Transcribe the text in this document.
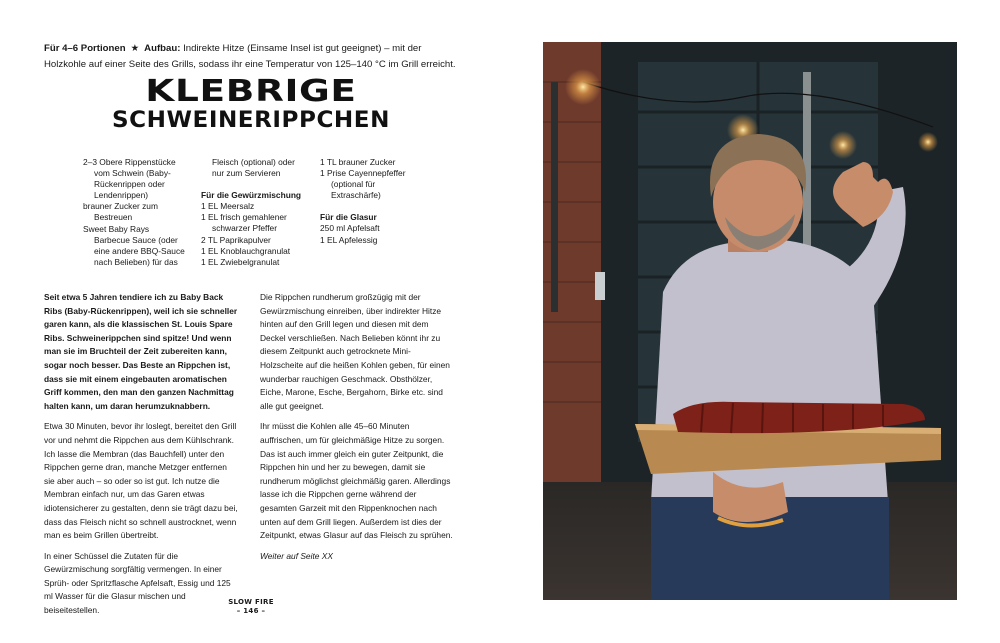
Für 4–6 Portionen ★ Aufbau: Indirekte Hitze (Einsame Insel ist gut geeignet) – mit der Holzkohle auf einer Seite des Grills, sodass ihr eine Temperatur von 125–140 °C im Grill erreicht.
KLEBRIGE
SCHWEINERIPPCHEN
2–3 Obere Rippenstücke
vom Schwein (Baby-
Rückenrippen oder
Lendenrippen)
brauner Zucker zum
Bestreuen
Sweet Baby Rays
Barbecue Sauce (oder
eine andere BBQ-Sauce
nach Belieben) für das
Fleisch (optional) oder
nur zum Servieren
Für die Gewürzmischung
1 EL Meersalz
1 EL frisch gemahlener
schwarzer Pfeffer
2 TL Paprikapulver
1 EL Knoblauchgranulat
1 EL Zwiebelgranulat
1 TL brauner Zucker
1 Prise Cayennepfeffer
(optional für
Extraschärfe)
Für die Glasur
250 ml Apfelsaft
1 EL Apfelessig

Seit etwa 5 Jahren tendiere ich zu Baby Back Ribs (Baby-Rückenrippen), weil ich sie schneller garen kann, als die klassischen St. Louis Spare Ribs. Schweinerippchen sind spitze! Und wenn man sie im Bruchteil der Zeit zubereiten kann, sogar noch besser. Das Beste an Rippchen ist, dass sie mit einem eingebauten aromatischen Griff kommen, den man den ganzen Nachmittag halten kann, um daran herumzuknabbern.

Etwa 30 Minuten, bevor ihr loslegt, bereitet den Grill vor und nehmt die Rippchen aus dem Kühlschrank. Ich lasse die Membran (das Bauchfell) unter den Rippchen gerne dran, manche Metzger entfernen sie aber auch – so oder so ist gut. Ich nutze die Membran einfach nur, um das Garen etwas idiotensicherer zu gestalten, denn sie trägt dazu bei, dass das Fleisch nicht so schnell austrocknet, wenn man es beim Grillen übertreibt.

In einer Schüssel die Zutaten für die Gewürzmischung sorgfältig vermengen. In einer Sprüh- oder Spritzflasche Apfelsaft, Essig und 125 ml Wasser für die Glasur mischen und beiseitestellen.

Die Rippchen rundherum großzügig mit der Gewürzmischung einreiben, über indirekter Hitze hinten auf den Grill legen und diesen mit dem Deckel verschließen. Nach Belieben könnt ihr zu diesem Zeitpunkt auch getrocknete Mini-Holzscheite auf die heißen Kohlen geben, für einen wunderbar rauchigen Geschmack. Obsthölzer, Eiche, Marone, Esche, Bergahorn, Birke etc. sind alle gut geeignet.

Ihr müsst die Kohlen alle 45–60 Minuten auffrischen, um für gleichmäßige Hitze zu sorgen. Das ist auch immer gleich ein guter Zeitpunkt, die Rippchen hin und her zu bewegen, damit sie rundherum möglichst gleichmäßig garen. Allerdings lasse ich die Rippchen gerne während der gesamten Garzeit mit den Rippenknochen nach unten auf dem Grill liegen. Außerdem ist dies der Zeitpunkt, etwas Glasur auf das Fleisch zu sprühen.

Weiter auf Seite XX

SLOW FIRE
– 146 –
